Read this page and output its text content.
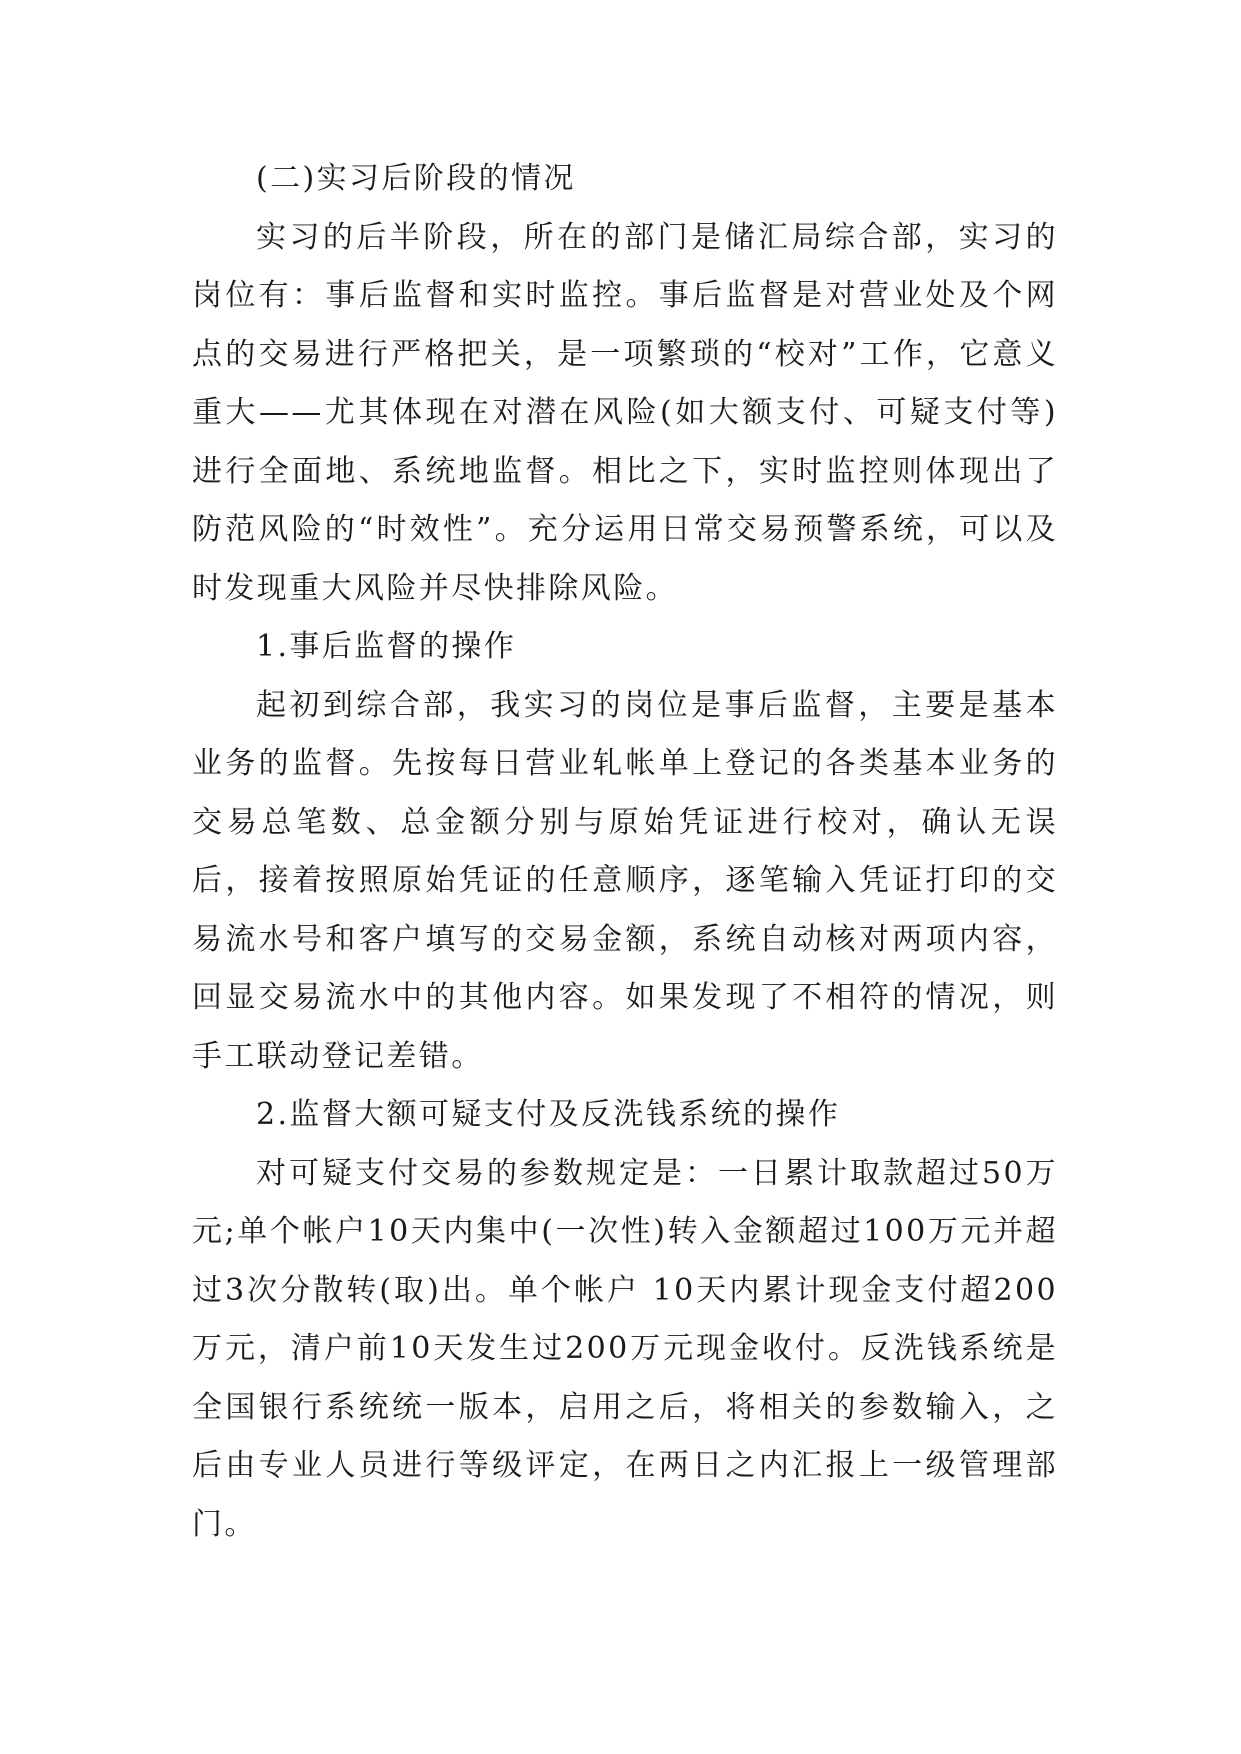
(二)实习后阶段的情况

实习的后半阶段，所在的部门是储汇局综合部，实习的岗位有：事后监督和实时监控。事后监督是对营业处及个网点的交易进行严格把关，是一项繁琐的“校对”工作，它意义重大——尤其体现在对潜在风险(如大额支付、可疑支付等)进行全面地、系统地监督。相比之下，实时监控则体现出了防范风险的“时效性”。充分运用日常交易预警系统，可以及时发现重大风险并尽快排除风险。

1.事后监督的操作

起初到综合部，我实习的岗位是事后监督，主要是基本业务的监督。先按每日营业轧帐单上登记的各类基本业务的交易总笔数、总金额分别与原始凭证进行校对，确认无误后，接着按照原始凭证的任意顺序，逐笔输入凭证打印的交易流水号和客户填写的交易金额，系统自动核对两项内容，回显交易流水中的其他内容。如果发现了不相符的情况，则手工联动登记差错。

2.监督大额可疑支付及反洗钱系统的操作

对可疑支付交易的参数规定是：一日累计取款超过50万元;单个帐户10天内集中(一次性)转入金额超过100万元并超过3次分散转(取)出。单个帐户 10天内累计现金支付超200万元，清户前10天发生过200万元现金收付。反洗钱系统是全国银行系统统一版本，启用之后，将相关的参数输入，之后由专业人员进行等级评定，在两日之内汇报上一级管理部门。
